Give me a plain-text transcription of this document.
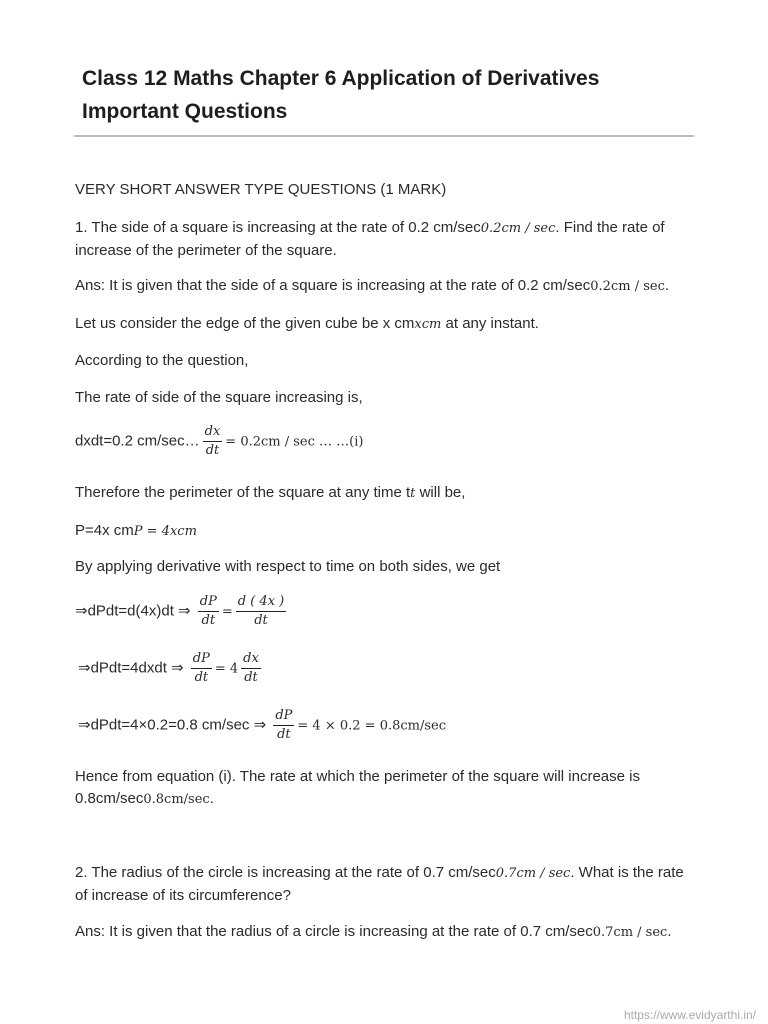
Class 12 Maths Chapter 6 Application of Derivatives
Important Questions
VERY SHORT ANSWER TYPE QUESTIONS (1 MARK)
1. The side of a square is increasing at the rate of 0.2 cm/sec0.2cm / sec. Find the rate of
increase of the perimeter of the square.
Ans: It is given that the side of a square is increasing at the rate of 0.2 cm/sec0.2cm / sec.
Let us consider the edge of the given cube be x cmxcm at any instant.
According to the question,
The rate of side of the square increasing is,
dxdt=0.2 cm/sec… $\frac{dx}{dt} = 0.2cm / \sec$ … …(i)
Therefore the perimeter of the square at any time tt will be,
P=4x cmP = 4xcm
By applying derivative with respect to time on both sides, we get
⇒dPdt=d(4x)dt ⇒ $\frac{dP}{dt} = \frac{d ( 4x )}{dt}$
⇒dPdt=4dxdt ⇒ $\frac{dP}{dt} = 4 \frac{dx}{dt}$
⇒dPdt=4×0.2=0.8 cm/sec ⇒ $\frac{dP}{dt} = 4 \times 0.2 = 0.8cm/\sec$
Hence from equation (i). The rate at which the perimeter of the square will increase is
0.8cm/sec0.8cm/sec.
2. The radius of the circle is increasing at the rate of 0.7 cm/sec0.7cm / sec. What is the rate
of increase of its circumference?
Ans: It is given that the radius of a circle is increasing at the rate of 0.7 cm/sec0.7cm / sec.
https://www.evidyarthi.in/
